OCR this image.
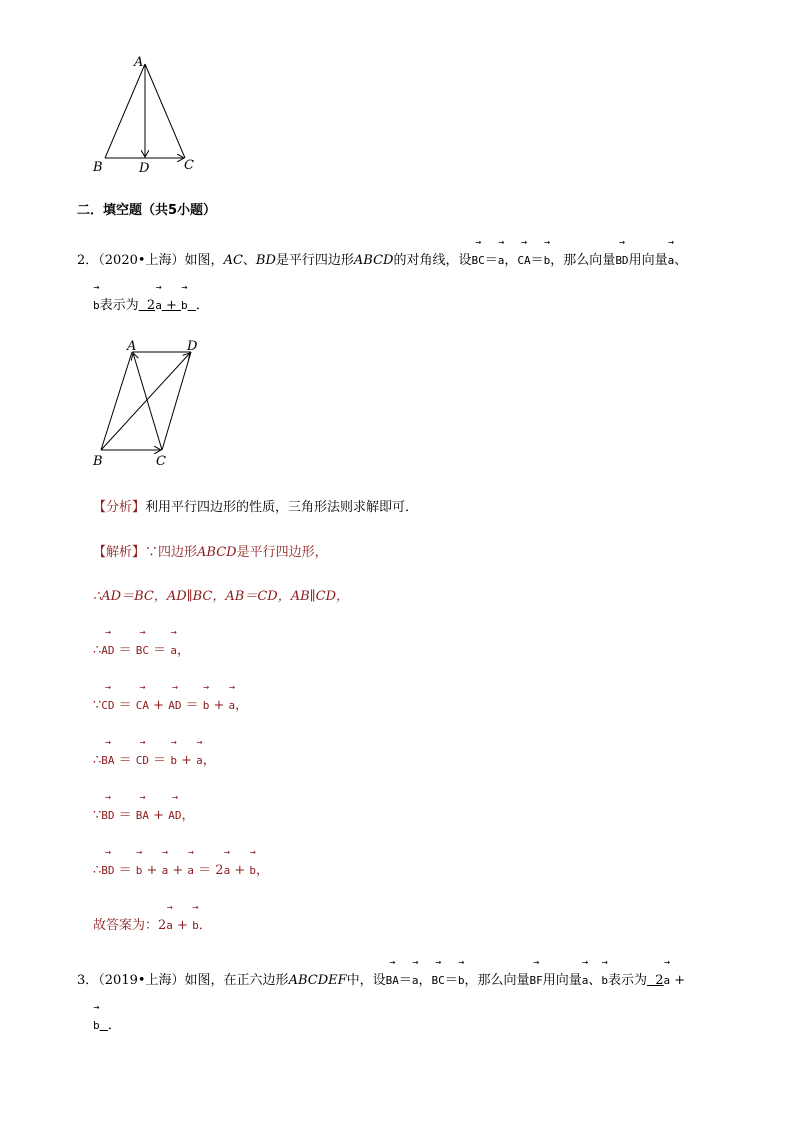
A
B	D	C
二．填空题（共5小题）
2．（2020•上海）如图，AC、BD是平行四边形ABCD的对角线，设→ BC＝→ a，→ CA＝→ b，那么向量→ BD用向量→ a、
→ b表示为 2→ a + → b ．
A	D
B	C
【分析】利用平行四边形的性质，三角形法则求解即可．
【解析】∵四边形ABCD是平行四边形，
∴AD＝BC，AD∥BC，AB＝CD，AB∥CD，
∴→ AD ＝ → BC ＝ → a，
∵→ CD ＝ → CA + → AD ＝ → b + → a，
∴→ BA ＝ → CD ＝ → b + → a，
∵→ BD ＝ → BA + → AD，
∴→ BD ＝ → b + → a + → a ＝ 2→ a + → b，
故答案为：2→ a + → b．
3．（2019•上海）如图，在正六边形ABCDEF中，设→ BA＝→ a，→ BC＝→ b，那么向量→ BF用向量→ a、→ b表示为  2→ a +
→ b ．
